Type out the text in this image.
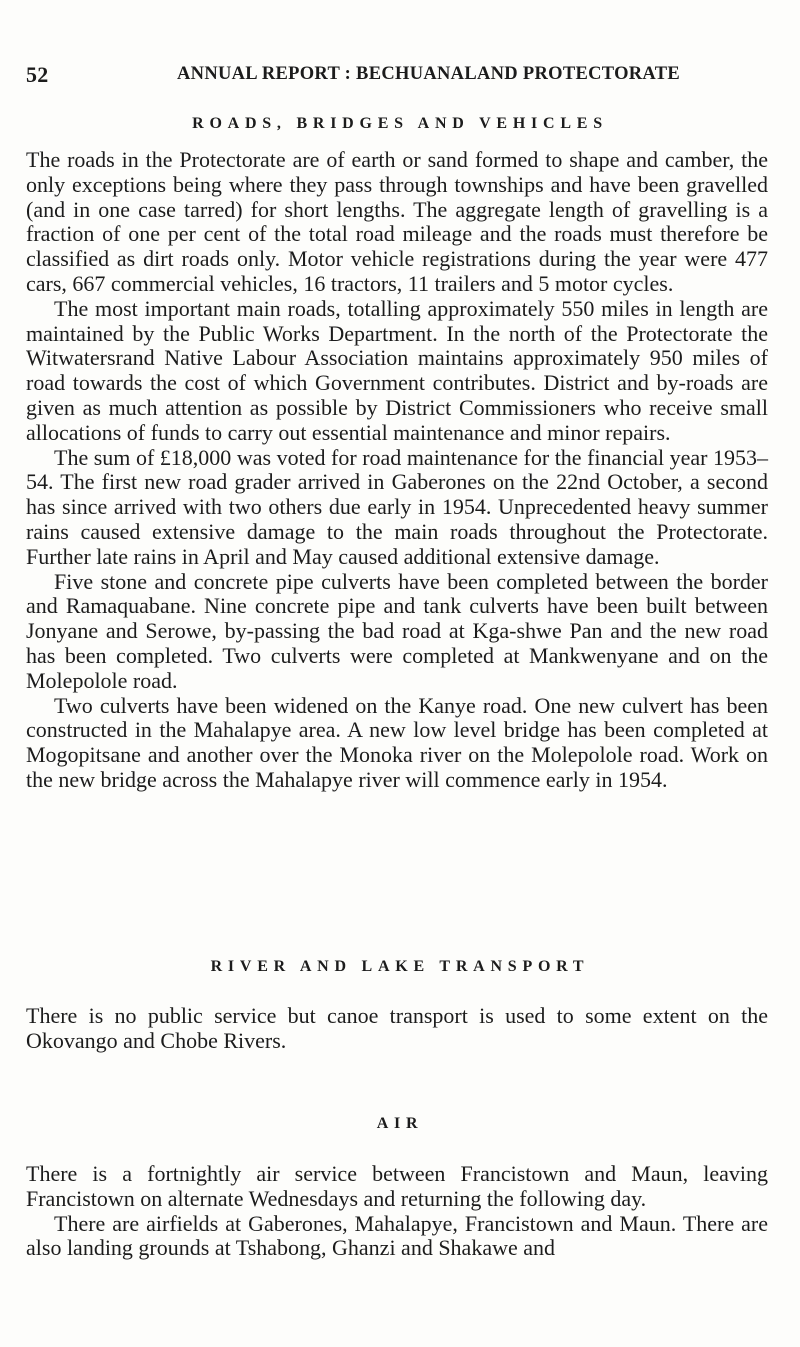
52	ANNUAL REPORT : BECHUANALAND PROTECTORATE
ROADS, BRIDGES AND VEHICLES

The roads in the Protectorate are of earth or sand formed to shape and camber, the only exceptions being where they pass through townships and have been gravelled (and in one case tarred) for short lengths. The aggregate length of gravelling is a fraction of one per cent of the total road mileage and the roads must therefore be classified as dirt roads only. Motor vehicle registrations during the year were 477 cars, 667 commercial vehicles, 16 tractors, 11 trailers and 5 motor cycles.

The most important main roads, totalling approximately 550 miles in length are maintained by the Public Works Department. In the north of the Protectorate the Witwatersrand Native Labour Association maintains approximately 950 miles of road towards the cost of which Government contributes. District and by-roads are given as much attention as possible by District Commissioners who receive small allocations of funds to carry out essential maintenance and minor repairs.

The sum of £18,000 was voted for road maintenance for the financial year 1953–54. The first new road grader arrived in Gaberones on the 22nd October, a second has since arrived with two others due early in 1954. Unprecedented heavy summer rains caused extensive damage to the main roads throughout the Protectorate. Further late rains in April and May caused additional extensive damage.

Five stone and concrete pipe culverts have been completed between the border and Ramaquabane. Nine concrete pipe and tank culverts have been built between Jonyane and Serowe, by-passing the bad road at Kga-shwe Pan and the new road has been completed. Two culverts were completed at Mankwenyane and on the Molepolole road.

Two culverts have been widened on the Kanye road. One new culvert has been constructed in the Mahalapye area. A new low level bridge has been completed at Mogopitsane and another over the Monoka river on the Molepolole road. Work on the new bridge across the Mahalapye river will commence early in 1954.

RIVER AND LAKE TRANSPORT

There is no public service but canoe transport is used to some extent on the Okovango and Chobe Rivers.

AIR

There is a fortnightly air service between Francistown and Maun, leaving Francistown on alternate Wednesdays and returning the following day.

There are airfields at Gaberones, Mahalapye, Francistown and Maun. There are also landing grounds at Tshabong, Ghanzi and Shakawe and
